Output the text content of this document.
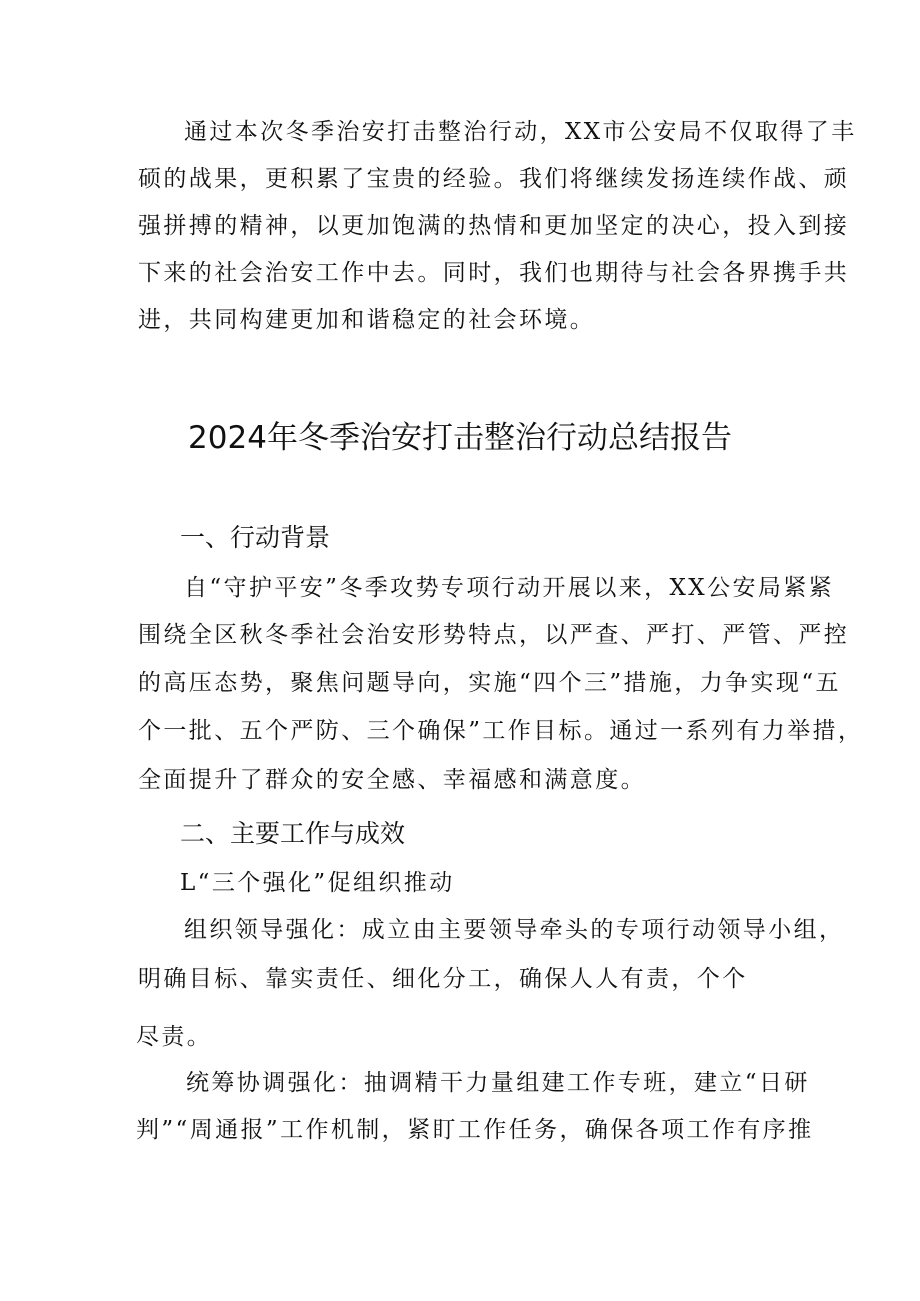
通过本次冬季治安打击整治行动，XX市公安局不仅取得了丰
硕的战果，更积累了宝贵的经验。我们将继续发扬连续作战、顽
强拼搏的精神，以更加饱满的热情和更加坚定的决心，投入到接
下来的社会治安工作中去。同时，我们也期待与社会各界携手共
进，共同构建更加和谐稳定的社会环境。
2024年冬季治安打击整治行动总结报告
一、行动背景
自“守护平安”冬季攻势专项行动开展以来，XX公安局紧紧
围绕全区秋冬季社会治安形势特点，以严查、严打、严管、严控
的高压态势，聚焦问题导向，实施“四个三”措施，力争实现“五
个一批、五个严防、三个确保”工作目标。通过一系列有力举措，
全面提升了群众的安全感、幸福感和满意度。
二、主要工作与成效
L“三个强化”促组织推动
组织领导强化：成立由主要领导牵头的专项行动领导小组，
明确目标、靠实责任、细化分工，确保人人有责，个个
尽责。
统筹协调强化：抽调精干力量组建工作专班，建立“日研
判”“周通报”工作机制，紧盯工作任务，确保各项工作有序推
